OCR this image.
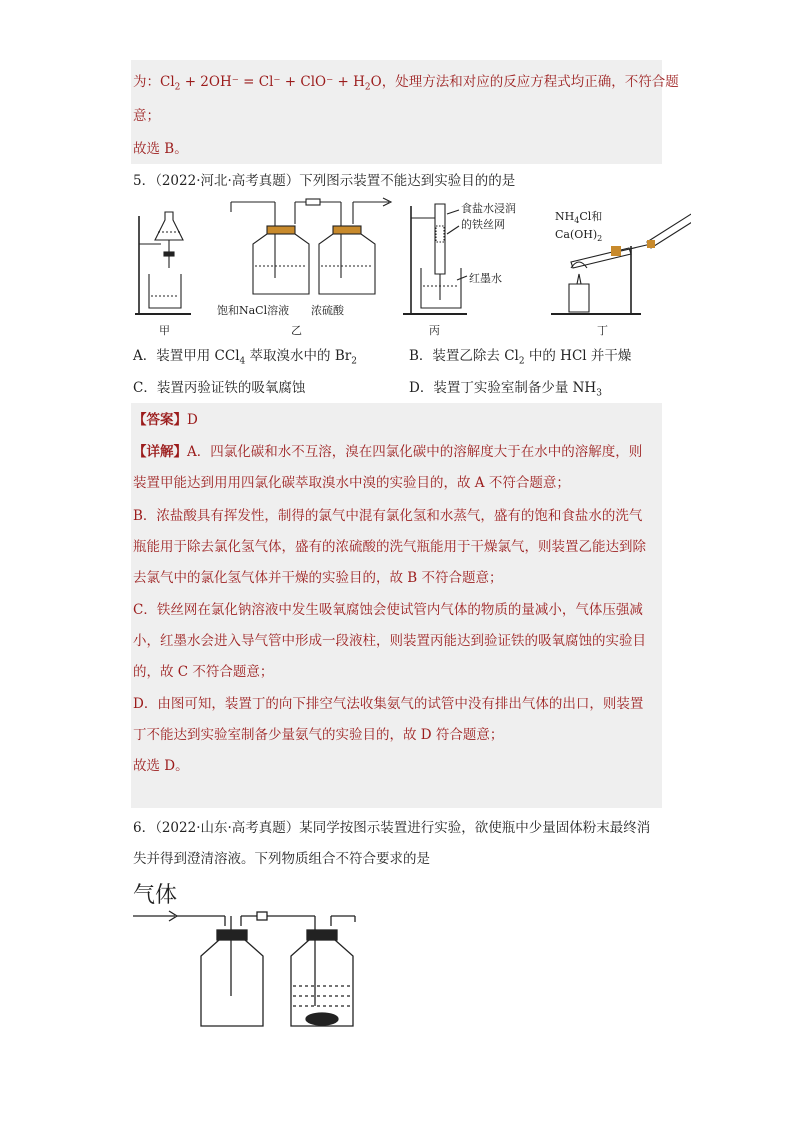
为：$Cl_2 + 2OH^- = Cl^- + ClO^- + H_2O$，处理方法和对应的反应方程式均正确，不符合题
意；
故选 B。
5．（2022·河北·高考真题）下列图示装置不能达到实验目的的是
甲
饱和NaCl溶液 浓硫酸
乙
食盐水浸润
的铁丝网
红墨水
丙
$NH_4Cl$和
$Ca(OH)_2$
丁
A．装置甲用 CCl$_4$ 萃取溴水中的 $Br_2$	B．装置乙除去 $Cl_2$ 中的 HCl 并干燥
C．装置丙验证铁的吸氧腐蚀	D．装置丁实验室制备少量 $NH_3$
【答案】D
【详解】A．四氯化碳和水不互溶，溴在四氯化碳中的溶解度大于在水中的溶解度，则
装置甲能达到用用四氯化碳萃取溴水中溴的实验目的，故 A 不符合题意；
B．浓盐酸具有挥发性，制得的氯气中混有氯化氢和水蒸气，盛有的饱和食盐水的洗气
瓶能用于除去氯化氢气体，盛有的浓硫酸的洗气瓶能用于干燥氯气，则装置乙能达到除
去氯气中的氯化氢气体并干燥的实验目的，故 B 不符合题意；
C．铁丝网在氯化钠溶液中发生吸氧腐蚀会使试管内气体的物质的量减小，气体压强减
小，红墨水会进入导气管中形成一段液柱，则装置丙能达到验证铁的吸氧腐蚀的实验目
的，故 C 不符合题意；
D．由图可知，装置丁的向下排空气法收集氨气的试管中没有排出气体的出口，则装置
丁不能达到实验室制备少量氨气的实验目的，故 D 符合题意；
故选 D。
6．（2022·山东·高考真题）某同学按图示装置进行实验，欲使瓶中少量固体粉末最终消
失并得到澄清溶液。下列物质组合不符合要求的是
气体
